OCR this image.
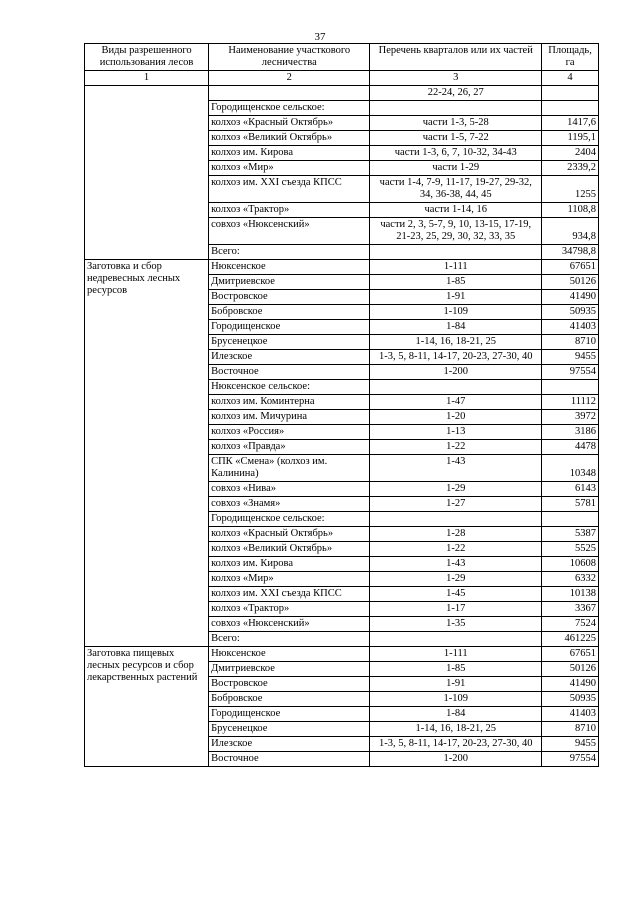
37
Виды разрешенного использования лесов	Наименование участкового лесничества	Перечень кварталов или их частей	Площадь, га
1	2	3	4
		22-24, 26, 27	
	Городищенское сельское:		
	колхоз «Красный Октябрь»	части 1-3, 5-28	1417,6
	колхоз «Великий Октябрь»	части 1-5, 7-22	1195,1
	колхоз им. Кирова	части 1-3, 6, 7, 10-32, 34-43	2404
	колхоз «Мир»	части 1-29	2339,2
	колхоз им. XXI съезда КПСС	части 1-4, 7-9, 11-17, 19-27, 29-32, 34, 36-38, 44, 45	1255
	колхоз «Трактор»	части 1-14, 16	1108,8
	совхоз «Нюксенский»	части 2, 3, 5-7, 9, 10, 13-15, 17-19, 21-23, 25, 29, 30, 32, 33, 35	934,8
	Всего:		34798,8
Заготовка и сбор недревесных лесных ресурсов	Нюксенское	1-111	67651
	Дмитриевское	1-85	50126
	Востровское	1-91	41490
	Бобровское	1-109	50935
	Городищенское	1-84	41403
	Брусенецкое	1-14, 16, 18-21, 25	8710
	Илезское	1-3, 5, 8-11, 14-17, 20-23, 27-30, 40	9455
	Восточное	1-200	97554
	Нюксенское сельское:		
	колхоз им. Коминтерна	1-47	11112
	колхоз им. Мичурина	1-20	3972
	колхоз «Россия»	1-13	3186
	колхоз «Правда»	1-22	4478
	СПК «Смена» (колхоз им. Калинина)	1-43	10348
	совхоз «Нива»	1-29	6143
	совхоз «Знамя»	1-27	5781
	Городищенское сельское:		
	колхоз «Красный Октябрь»	1-28	5387
	колхоз «Великий Октябрь»	1-22	5525
	колхоз им. Кирова	1-43	10608
	колхоз «Мир»	1-29	6332
	колхоз им. XXI съезда КПСС	1-45	10138
	колхоз «Трактор»	1-17	3367
	совхоз «Нюксенский»	1-35	7524
	Всего:		461225
Заготовка пищевых лесных ресурсов и сбор лекарственных растений	Нюксенское	1-111	67651
	Дмитриевское	1-85	50126
	Востровское	1-91	41490
	Бобровское	1-109	50935
	Городищенское	1-84	41403
	Брусенецкое	1-14, 16, 18-21, 25	8710
	Илезское	1-3, 5, 8-11, 14-17, 20-23, 27-30, 40	9455
	Восточное	1-200	97554
